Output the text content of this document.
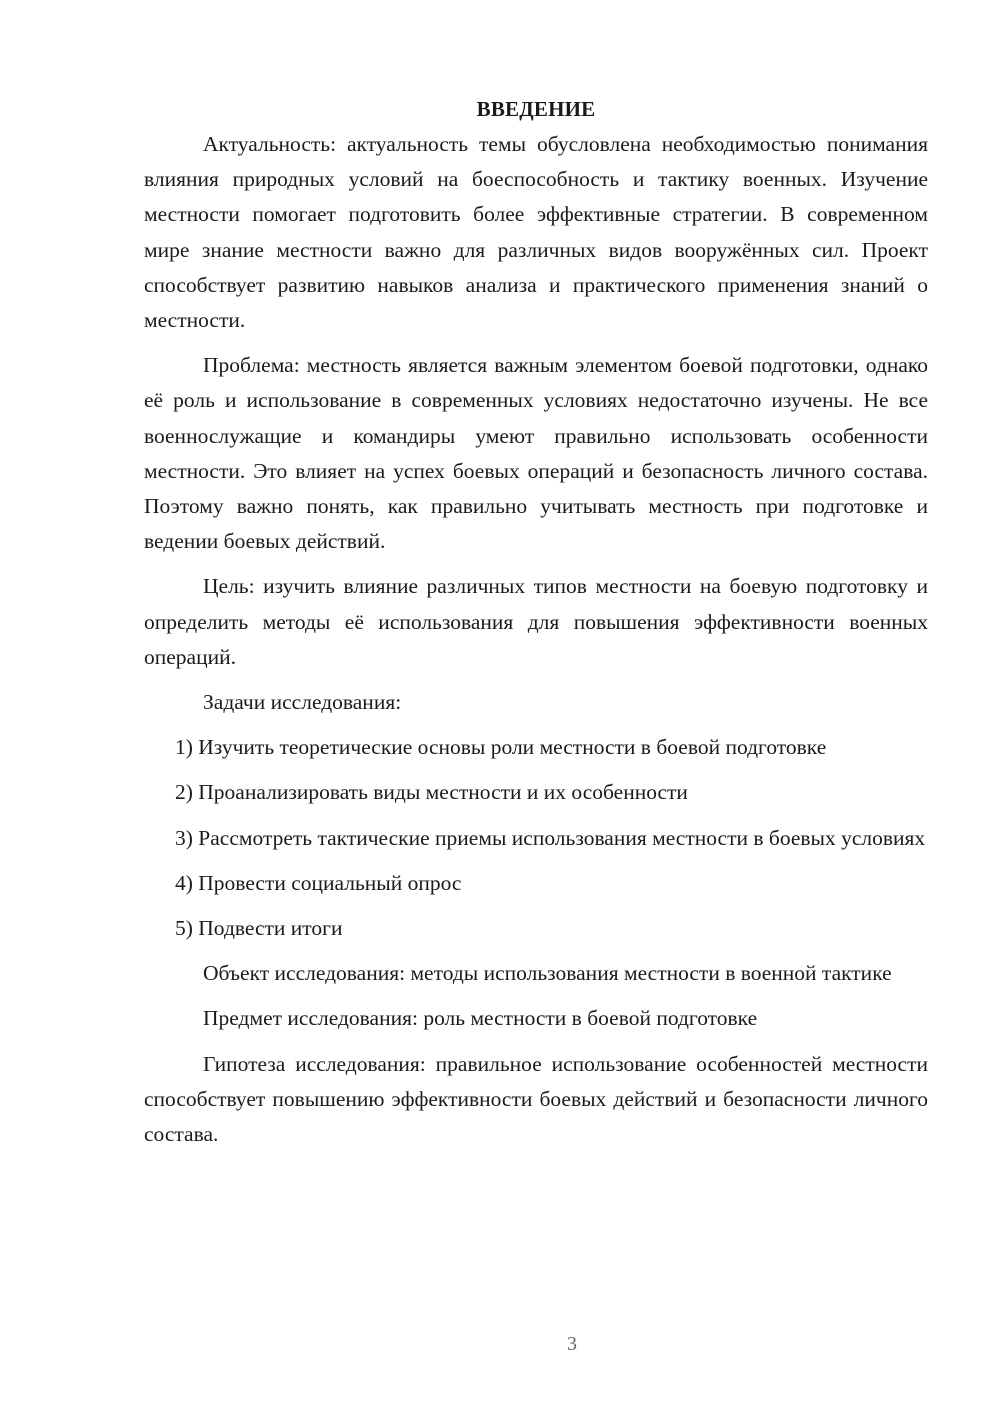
ВВЕДЕНИЕ

Актуальность: актуальность темы обусловлена необходимостью понимания влияния природных условий на боеспособность и тактику военных. Изучение местности помогает подготовить более эффективные стратегии. В современном мире знание местности важно для различных видов вооружённых сил. Проект способствует развитию навыков анализа и практического применения знаний о местности.

Проблема: местность является важным элементом боевой подготовки, однако её роль и использование в современных условиях недостаточно изучены. Не все военнослужащие и командиры умеют правильно использовать особенности местности. Это влияет на успех боевых операций и безопасность личного состава. Поэтому важно понять, как правильно учитывать местность при подготовке и ведении боевых действий.

Цель: изучить влияние различных типов местности на боевую подготовку и определить методы её использования для повышения эффективности военных операций.

Задачи исследования:

1) Изучить теоретические основы роли местности в боевой подготовке

2) Проанализировать виды местности и их особенности

3) Рассмотреть тактические приемы использования местности в боевых условиях

4) Провести социальный опрос

5) Подвести итоги

Объект исследования: методы использования местности в военной тактике

Предмет исследования: роль местности в боевой подготовке

Гипотеза исследования: правильное использование особенностей местности способствует повышению эффективности боевых действий и безопасности личного состава.

3
